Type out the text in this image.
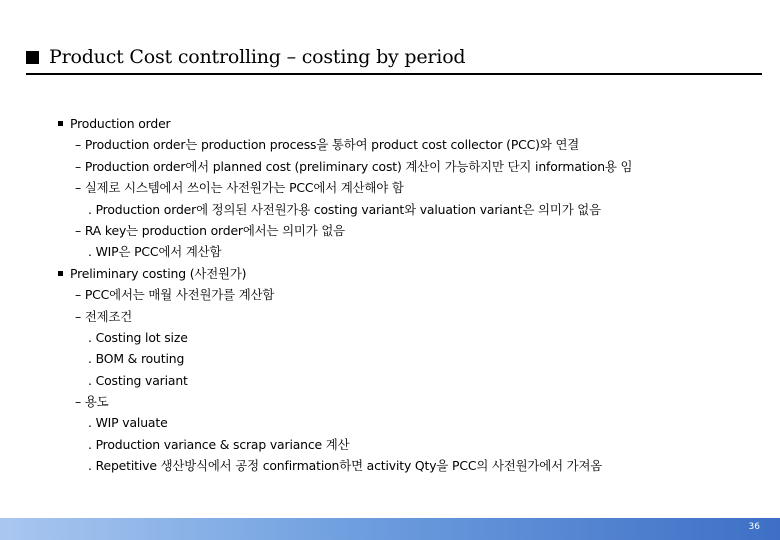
Product Cost controlling – costing by period
Production order
– Production order는 production process을 통하여 product cost collector (PCC)와 연결
– Production order에서 planned cost (preliminary cost) 계산이 가능하지만 단지 information용 임
– 실제로 시스템에서 쓰이는 사전원가는 PCC에서 계산해야 함
. Production order에 정의된 사전원가용 costing variant와 valuation variant은 의미가 없음
– RA key는 production order에서는 의미가 없음
. WIP은 PCC에서 계산함
Preliminary costing (사전원가)
– PCC에서는 매월 사전원가를 계산함
– 전제조건
. Costing lot size
. BOM & routing
. Costing variant
– 용도
. WIP valuate
. Production variance & scrap variance 계산
. Repetitive 생산방식에서 공정 confirmation하면 activity Qty을 PCC의 사전원가에서 가져옴
36
